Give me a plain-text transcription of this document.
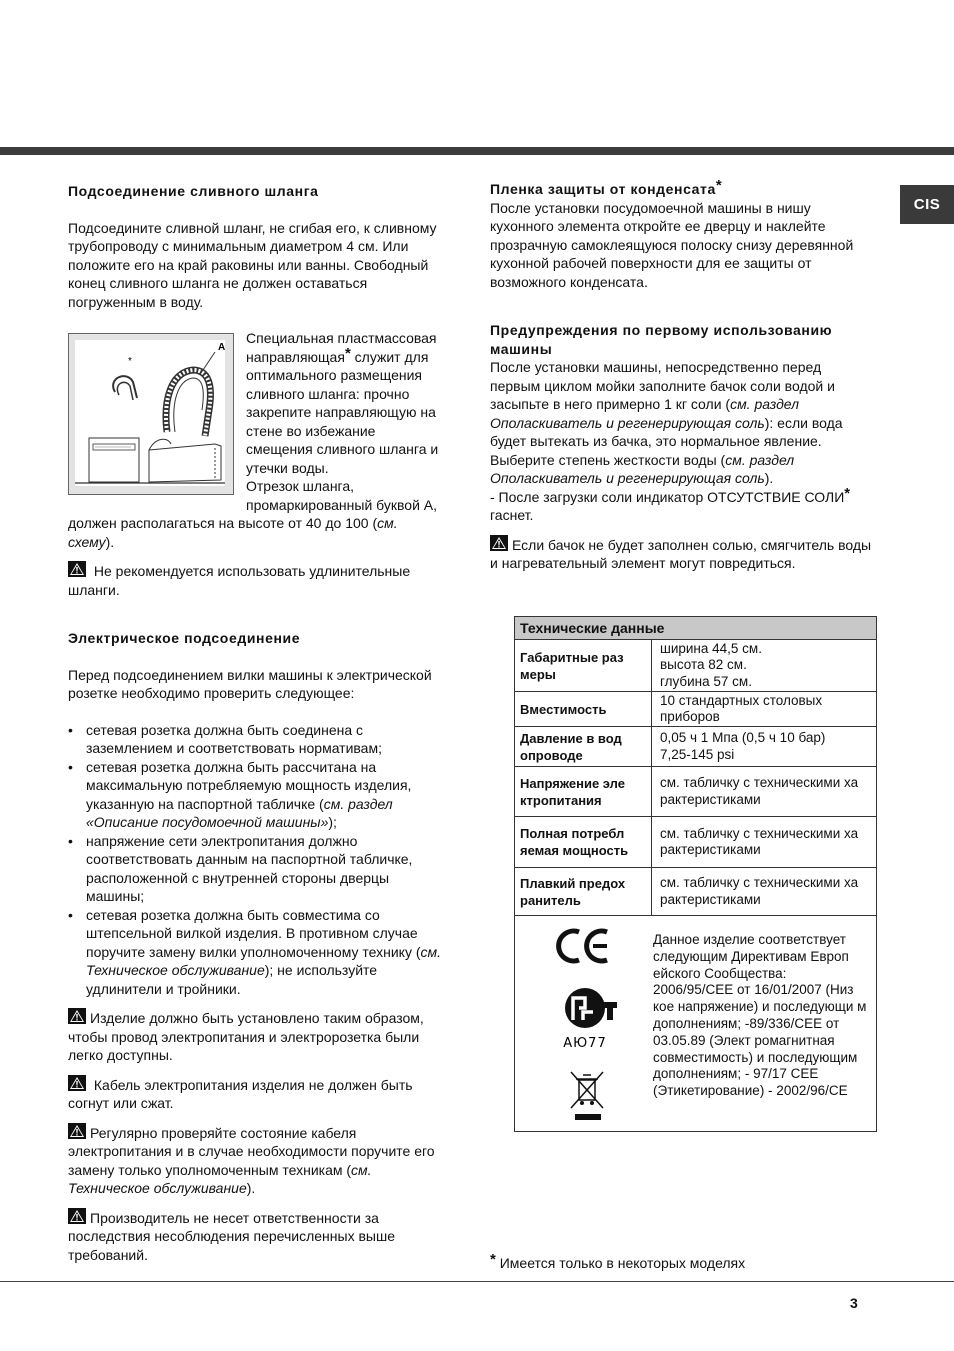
CIS
Подсоединение сливного шланга

Подсоедините сливной шланг, не сгибая его, к сливному трубопроводу с минимальным диаметром 4 см. Или положите его на край раковины или ванны. Свободный конец сливного шланга не должен оставаться погруженным в воду.

*
A

Специальная пластмассовая направляющая* служит для оптимального размещения сливного шланга: прочно закрепите направляющую на стене во избежание смещения сливного шланга и утечки воды.

Отрезок шланга, промаркированный буквой А, должен располагаться на высоте от 40 до 100 (см. схему).

Не рекомендуется использовать удлинительные шланги.

Электрическое подсоединение

Перед подсоединением вилки машины к электрической розетке необходимо проверить следующее:

• сетевая розетка должна быть соединена с заземлением и соответствовать нормативам;
• сетевая розетка должна быть рассчитана на максимальную потребляемую мощность изделия, указанную на паспортной табличке (см. раздел «Описание посудомоечной машины»);
• напряжение сети электропитания должно соответствовать данным на паспортной табличке, расположенной с внутренней стороны дверцы машины;
• сетевая розетка должна быть совместима со штепсельной вилкой изделия. В противном случае поручите замену вилки уполномоченному технику (см. Техническое обслуживание); не используйте удлинители и тройники.

Изделие должно быть установлено таким образом, чтобы провод электропитания и электророзетка были легко доступны.

Кабель электропитания изделия не должен быть согнут или сжат.

Регулярно проверяйте состояние кабеля электропитания и в случае необходимости поручите его замену только уполномоченным техникам (см. Техническое обслуживание).

Производитель не несет ответственности за последствия несоблюдения перечисленных выше требований.

Пленка защиты от конденсата*

После установки посудомоечной машины в нишу кухонного элемента откройте ее дверцу и наклейте прозрачную самоклеящуюся полоску снизу деревянной кухонной рабочей поверхности для ее защиты от возможного конденсата.

Предупреждения по первому использованию машины

После установки машины, непосредственно перед первым циклом мойки заполните бачок соли водой и засыпьте в него примерно 1 кг соли (см. раздел Ополаскиватель и регенерирующая соль): если вода будет вытекать из бачка, это нормальное явление. Выберите степень жесткости воды (см. раздел Ополаскиватель и регенерирующая соль).

- После загрузки соли индикатор ОТСУТСТВИЕ СОЛИ* гаснет.

Если бачок не будет заполнен солью, смягчитель воды и нагревательный элемент могут повредиться.

Технические данные
Габаритные раз меры
ширина 44,5 см.
высота 82 см.
глубина 57 см.
Вместимость
10 стандартных столовых приборов
Давление в вод опроводе
0,05 ч 1 Мпа (0,5 ч 10 бар)
7,25-145 psi
Напряжение эле ктропитания
см. табличку с техническими ха рактеристиками
Полная потребл яемая мощность
см. табличку с техническими ха рактеристиками
Плавкий предох ранитель
см. табличку с техническими ха рактеристиками
АЮ77
Данное изделие соответствует следующим Директивам Европ ейского Сообщества: 2006/95/CEE от 16/01/2007 (Низ кое напряжение) и последующи м дополнениям; -89/336/CEE от 03.05.89 (Элект ромагнитная совместимость) и последующим дополнениям; - 97/17 CEE (Этикетирование) - 2002/96/CE
* Имеется только в некоторых моделях
3
